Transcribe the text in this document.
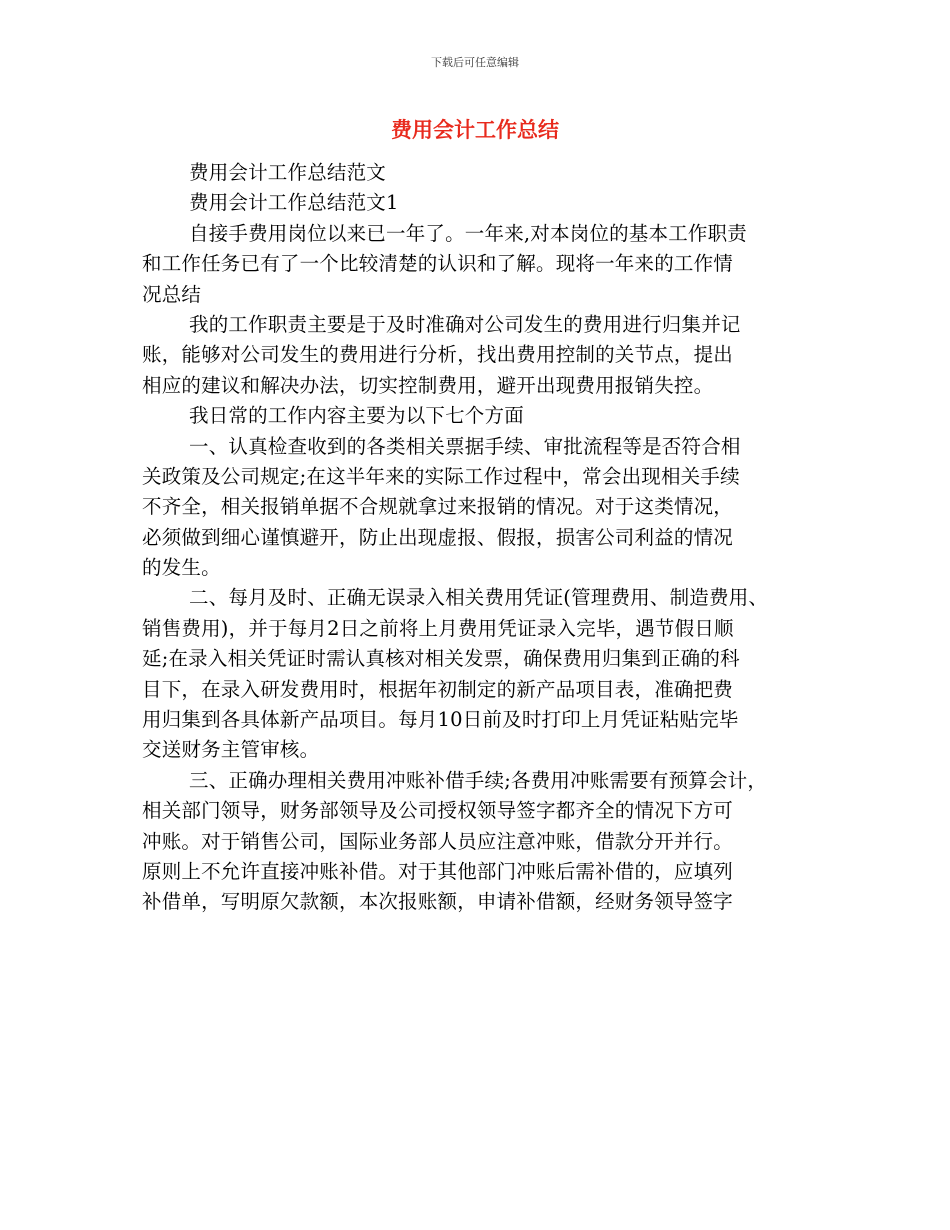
下载后可任意编辑
费用会计工作总结
费用会计工作总结范文
费用会计工作总结范文1
自接手费用岗位以来已一年了。一年来,对本岗位的基本工作职责
和工作任务已有了一个比较清楚的认识和了解。现将一年来的工作情
况总结
我的工作职责主要是于及时准确对公司发生的费用进行归集并记
账，能够对公司发生的费用进行分析，找出费用控制的关节点，提出
相应的建议和解决办法，切实控制费用，避开出现费用报销失控。
我日常的工作内容主要为以下七个方面
一、认真检查收到的各类相关票据手续、审批流程等是否符合相
关政策及公司规定;在这半年来的实际工作过程中，常会出现相关手续
不齐全，相关报销单据不合规就拿过来报销的情况。对于这类情况，
必须做到细心谨慎避开，防止出现虚报、假报，损害公司利益的情况
的发生。
二、每月及时、正确无误录入相关费用凭证(管理费用、制造费用、
销售费用)，并于每月2日之前将上月费用凭证录入完毕，遇节假日顺
延;在录入相关凭证时需认真核对相关发票，确保费用归集到正确的科
目下，在录入研发费用时，根据年初制定的新产品项目表，准确把费
用归集到各具体新产品项目。每月10日前及时打印上月凭证粘贴完毕
交送财务主管审核。
三、正确办理相关费用冲账补借手续;各费用冲账需要有预算会计，
相关部门领导，财务部领导及公司授权领导签字都齐全的情况下方可
冲账。对于销售公司，国际业务部人员应注意冲账，借款分开并行。
原则上不允许直接冲账补借。对于其他部门冲账后需补借的，应填列
补借单，写明原欠款额，本次报账额，申请补借额，经财务领导签字
